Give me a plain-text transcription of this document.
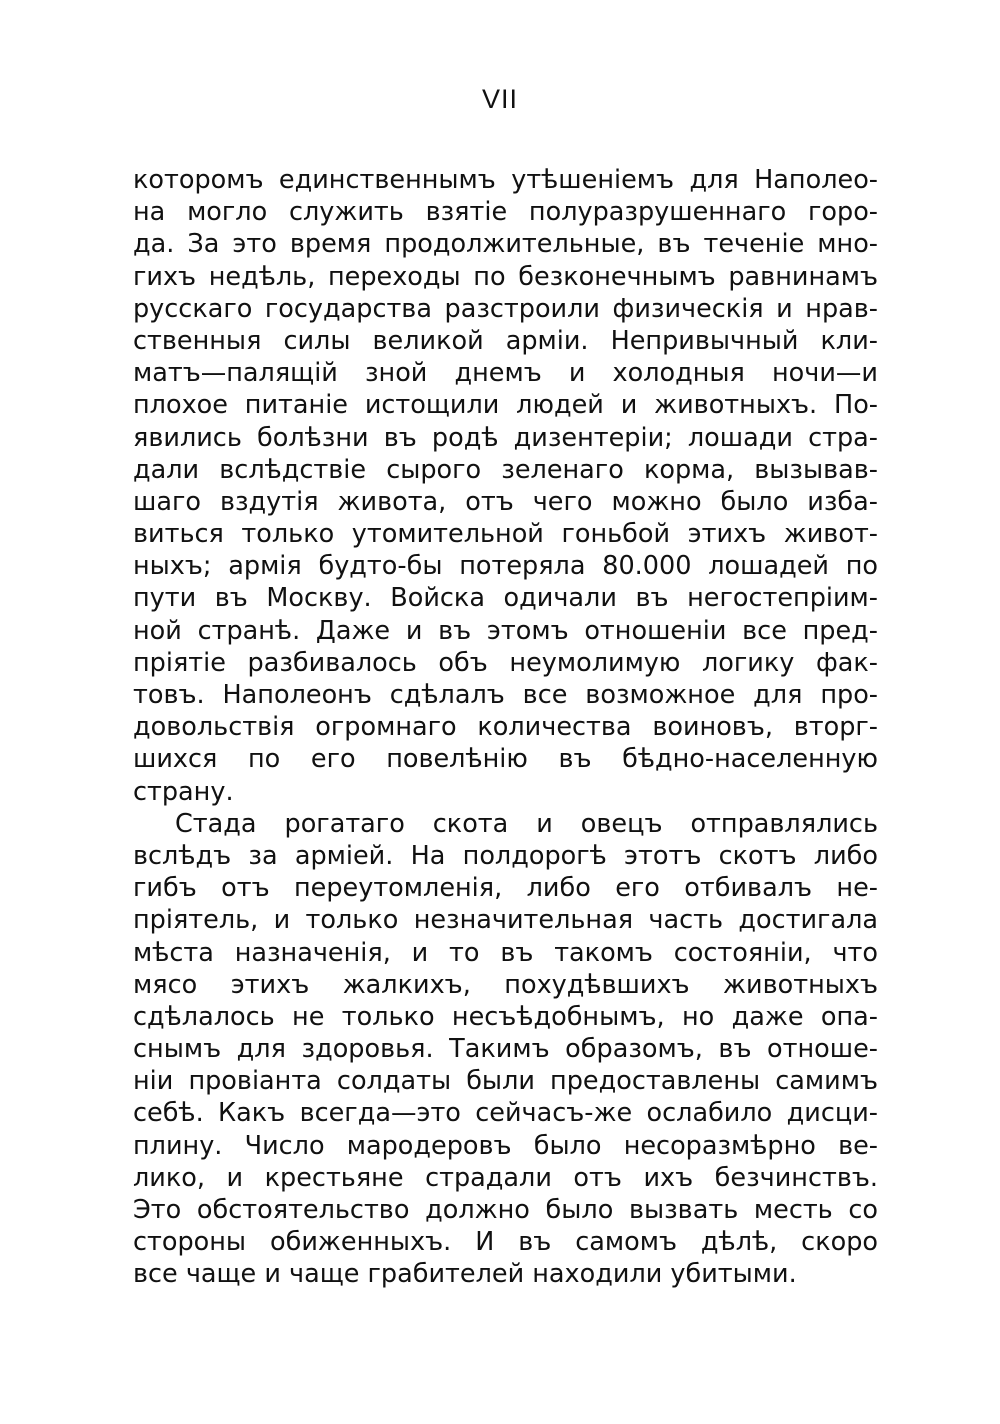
VII
которомъ единственнымъ утѣшеніемъ для Наполео-
на могло служить взятіе полуразрушеннаго горо-
да. За это время продолжительные, въ теченіе мно-
гихъ недѣль, переходы по безконечнымъ равнинамъ
русскаго государства разстроили физическія и нрав-
ственныя силы великой арміи. Непривычный кли-
матъ—палящій зной днемъ и холодныя ночи—и
плохое питаніе истощили людей и животныхъ. По-
явились болѣзни въ родѣ дизентеріи; лошади стра-
дали вслѣдствіе сырого зеленаго корма, вызывав-
шаго вздутія живота, отъ чего можно было изба-
виться только утомительной гоньбой этихъ живот-
ныхъ; армія будто-бы потеряла 80.000 лошадей по
пути въ Москву. Войска одичали въ негостепріим-
ной странѣ. Даже и въ этомъ отношеніи все пред-
пріятіе разбивалось объ неумолимую логику фак-
товъ. Наполеонъ сдѣлалъ все возможное для про-
довольствія огромнаго количества воиновъ, вторг-
шихся по его повелѣнію въ бѣдно-населенную
страну.
Стада рогатаго скота и овецъ отправлялись
вслѣдъ за арміей. На полдорогѣ этотъ скотъ либо
гибъ отъ переутомленія, либо его отбивалъ не-
пріятель, и только незначительная часть достигала
мѣста назначенія, и то въ такомъ состояніи, что
мясо этихъ жалкихъ, похудѣвшихъ животныхъ
сдѣлалось не только несъѣдобнымъ, но даже опа-
снымъ для здоровья. Такимъ образомъ, въ отноше-
ніи провіанта солдаты были предоставлены самимъ
себѣ. Какъ всегда—это сейчасъ-же ослабило дисци-
плину. Число мародеровъ было несоразмѣрно ве-
лико, и крестьяне страдали отъ ихъ безчинствъ.
Это обстоятельство должно было вызвать месть со
стороны обиженныхъ. И въ самомъ дѣлѣ, скоро
все чаще и чаще грабителей находили убитыми.
